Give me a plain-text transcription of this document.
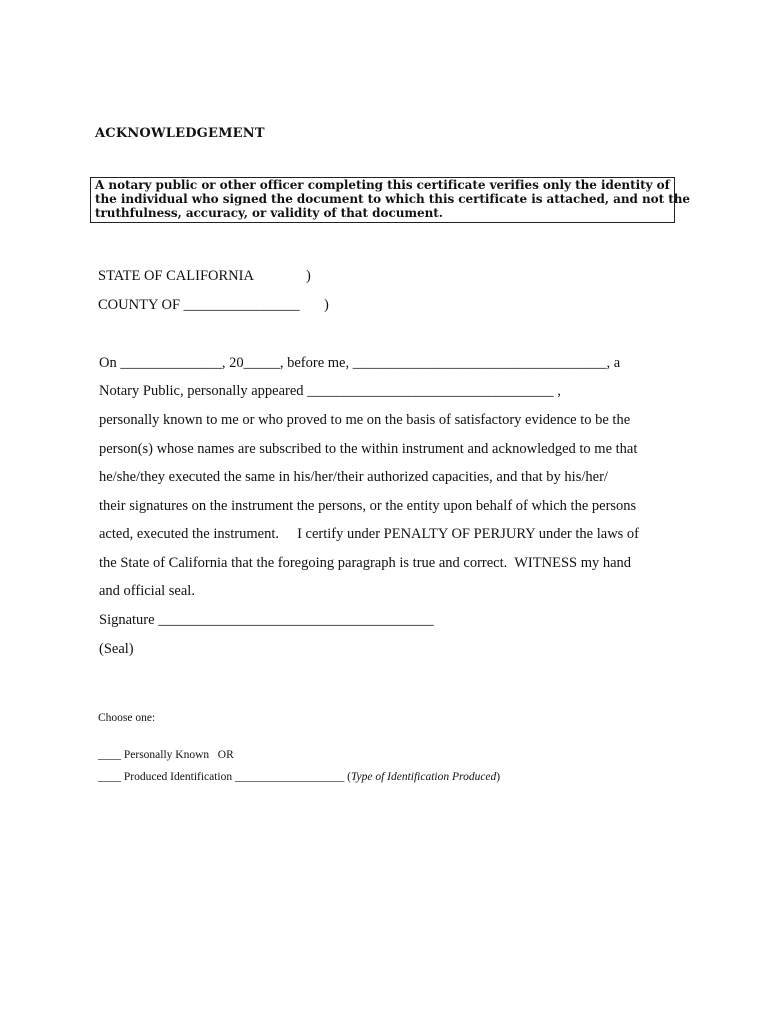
ACKNOWLEDGEMENT
A notary public or other officer completing this certificate verifies only the identity of
the individual who signed the document to which this certificate is attached, and not the
truthfulness, accuracy, or validity of that document.
STATE OF CALIFORNIA	)
COUNTY OF ________________ )
On ______________, 20_____, before me, ___________________________________, a
Notary Public, personally appeared __________________________________ ,
personally known to me or who proved to me on the basis of satisfactory evidence to be the
person(s) whose names are subscribed to the within instrument and acknowledged to me that
he/she/they executed the same in his/her/their authorized capacities, and that by his/her/
their signatures on the instrument the persons, or the entity upon behalf of which the persons
acted, executed the instrument.     I certify under PENALTY OF PERJURY under the laws of
the State of California that the foregoing paragraph is true and correct.  WITNESS my hand
and official seal.
Signature ______________________________________
(Seal)
Choose one:
____ Personally Known   OR
____ Produced Identification ___________________ (Type of Identification Produced)
